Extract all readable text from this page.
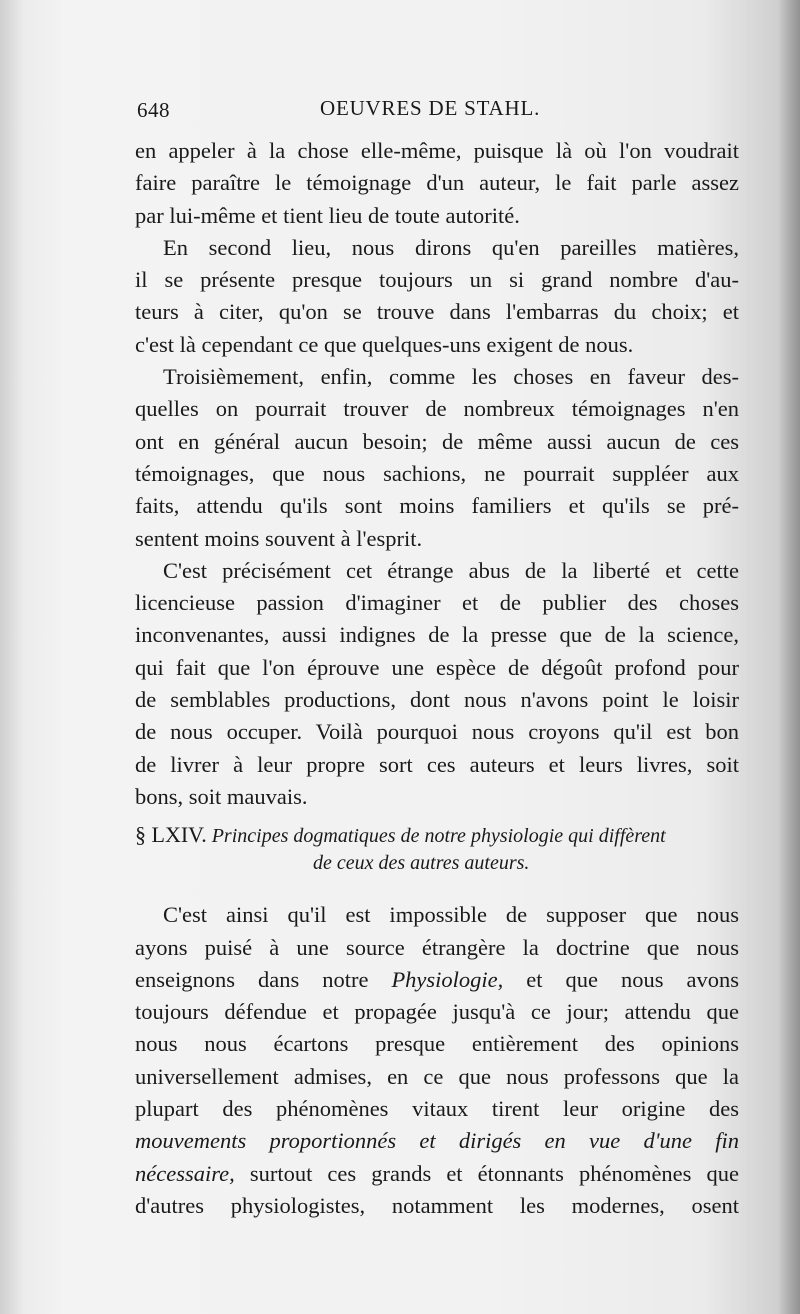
648	OEUVRES DE STAHL.
en appeler à la chose elle-même, puisque là où l'on voudrait
faire paraître le témoignage d'un auteur, le fait parle assez
par lui-même et tient lieu de toute autorité.
En second lieu, nous dirons qu'en pareilles matières,
il se présente presque toujours un si grand nombre d'au-
teurs à citer, qu'on se trouve dans l'embarras du choix; et
c'est là cependant ce que quelques-uns exigent de nous.
Troisièmement, enfin, comme les choses en faveur des-
quelles on pourrait trouver de nombreux témoignages n'en
ont en général aucun besoin; de même aussi aucun de ces
témoignages, que nous sachions, ne pourrait suppléer aux
faits, attendu qu'ils sont moins familiers et qu'ils se pré-
sentent moins souvent à l'esprit.
C'est précisément cet étrange abus de la liberté et cette
licencieuse passion d'imaginer et de publier des choses
inconvenantes, aussi indignes de la presse que de la science,
qui fait que l'on éprouve une espèce de dégoût profond pour
de semblables productions, dont nous n'avons point le loisir
de nous occuper. Voilà pourquoi nous croyons qu'il est bon
de livrer à leur propre sort ces auteurs et leurs livres, soit
bons, soit mauvais.
§ LXIV. Principes dogmatiques de notre physiologie qui diffèrent
de ceux des autres auteurs.
C'est ainsi qu'il est impossible de supposer que nous
ayons puisé à une source étrangère la doctrine que nous
enseignons dans notre Physiologie, et que nous avons
toujours défendue et propagée jusqu'à ce jour; attendu que
nous nous écartons presque entièrement des opinions
universellement admises, en ce que nous professons que la
plupart des phénomènes vitaux tirent leur origine des
mouvements proportionnés et dirigés en vue d'une fin
nécessaire, surtout ces grands et étonnants phénomènes que
d'autres physiologistes, notamment les modernes, osent
